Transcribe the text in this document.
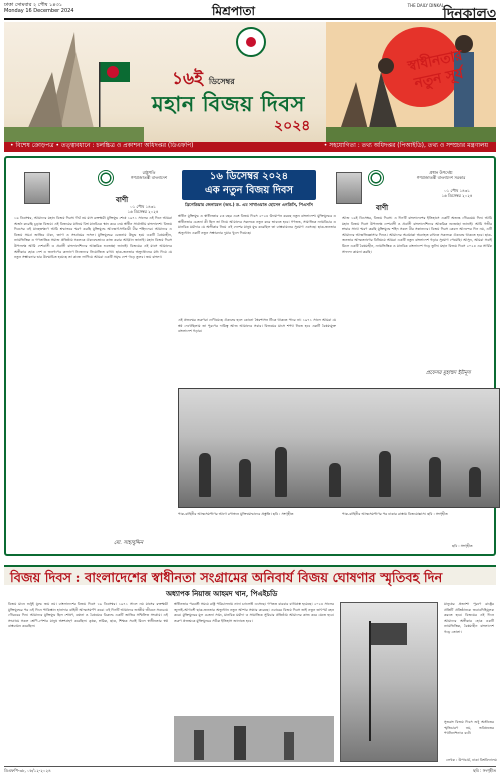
ঢাকা সোমবার ২ পৌষ ১৪৩১
Monday 16 December 2024	মিশ্রপাতা	THE DAILY DINKAL
দিনকাল৩
১৬ই ডিসেম্বর
মহান বিজয় দিবস
২০২৪
স্বাধীনতার নতুন সূর্য
• বিশেষ ক্রোড়পত্র • তত্ত্বাবধানে : চলচ্চিত্র ও প্রকাশনা অধিদপ্তর (ডিএফপি)	• সহযোগিতা : তথ্য অধিদপ্তর (পিআইডি), তথ্য ও সম্প্রচার মন্ত্রণালয়
রাষ্ট্রপতি
গণপ্রজাতন্ত্রী বাংলাদেশ
বাণী
০১ পৌষ ১৪৩১
১৬ ডিসেম্বর ২০২৪
১৬ ডিসেম্বর, আমাদের মহান বিজয় দিবস। দীর্ঘ নয় মাস রক্তক্ষয়ী মুক্তিযুদ্ধ শেষে ১৯৭১ সালের এই দিনে আমরা অর্জন করেছি চূড়ান্ত বিজয়। এই বিজয়ের মাধ্যমে বিশ্ব মানচিত্রে স্থান করে নেয় স্বাধীন সার্বভৌম বাংলাদেশ। বিজয় দিবসের এই মাহেন্দ্রক্ষণে আমি শ্রদ্ধাভরে স্মরণ করছি মুক্তিযুদ্ধে আত্মোৎসর্গকারী বীর শহিদদের। আমাদের এ বিজয় সমগ্র জাতির ঐক্য, ত্যাগ ও সংগ্রামের ফসল। মুক্তিযুদ্ধের চেতনায় উদ্বুদ্ধ হয়ে একটি বৈষম্যহীন, ন্যায়ভিত্তিক ও গণতান্ত্রিক সমাজ প্রতিষ্ঠায় সকলকে ঐক্যবদ্ধভাবে কাজ করার আহ্বান জানাই। মহান বিজয় দিবস উপলক্ষে আমি দেশবাসী ও প্রবাসী বাংলাদেশিদের আন্তরিক শুভেচ্ছা জানাই। বিজয়ের এই মাসে আমাদের অঙ্গীকার হোক দেশ ও জনগণের কল্যাণে নিজেদের নিয়োজিত রাখা। ছাত্র-জনতার অভ্যুত্থানের মধ্য দিয়ে যে নতুন সম্ভাবনার দ্বার উন্মোচিত হয়েছে তা কাজে লাগিয়ে আমরা একটি সমৃদ্ধ দেশ গড়ে তুলব। জয় বাংলা।
মো. সাহাবুদ্দিন
১৬ ডিসেম্বর ২০২৪
এক নতুন বিজয় দিবস
ব্রিগেডিয়ার জেনারেল (অব.) ড. এম সাখাওয়াত হোসেন এনডিসি, পিএসসি
স্বাধীন মুক্তিযুদ্ধ ও স্বাধীনতার ৫৩ বছর এবং বিজয় দিবস ২০২৪ উদযাপন করছে নতুন বাংলাদেশ। মুক্তিযুদ্ধের ও স্বাধীনতার চেতনা কী ছিল তা নিয়ে আমাদের সকলকে নতুন করে ভাবতে হবে। গণতন্ত্র, সামাজিক ন্যায়বিচার ও মানবিক মর্যাদার যে অঙ্গীকার নিয়ে এই দেশের মানুষ যুদ্ধ করেছিল তা বাস্তবায়নের সুযোগ এসেছে। ছাত্র-জনতার অভ্যুত্থান একটি নতুন সম্ভাবনার দুয়ার খুলে দিয়েছে।
এই প্রজন্মের তরুণরা দেখিয়েছে ঐক্যবদ্ধ হলে কোনো স্বৈরশাসন টিকে থাকতে পারে না। ১৯৭১ সালে আমরা যে স্বপ্ন দেখেছিলাম তা পূরণের দায়িত্ব আজ আমাদের সবার। বিজয়ের মাসে শপথ নিতে হবে একটি বৈষম্যমুক্ত বাংলাদেশ গড়ার।
প্রধান উপদেষ্টা
গণপ্রজাতন্ত্রী বাংলাদেশ সরকার
০১ পৌষ ১৪৩১
১৬ ডিসেম্বর ২০২৪
বাণী
আজ ১৬ই ডিসেম্বর, বিজয় দিবস। এ দিনটি বাংলাদেশের ইতিহাসে একটি অত্যন্ত গৌরবময় দিন। আমি মহান বিজয় দিবস উপলক্ষে দেশবাসী ও প্রবাসী বাংলাদেশিদের আন্তরিক শুভেচ্ছা জানাই। আমি গভীর শ্রদ্ধার সাথে স্মরণ করছি মুক্তিযুদ্ধে শহিদ সকল বীর সন্তানদের। বিজয় দিবস কেবল আনন্দের দিন নয়, এটি আমাদের আত্মজিজ্ঞাসার দিনও। আমাদের অগ্রযাত্রা অব্যাহত রাখতে সকলকে ঐক্যবদ্ধ থাকতে হবে। ছাত্র-জনতার আত্মত্যাগের বিনিময়ে আমরা একটি নতুন বাংলাদেশ গড়ার সুযোগ পেয়েছি। আসুন, আমরা সবাই মিলে একটি বৈষম্যহীন, ন্যায়ভিত্তিক ও মানবিক বাংলাদেশ গড়ে তুলি। মহান বিজয় দিবস ২০২৪ এর সার্বিক সাফল্য কামনা করছি।
প্রফেসর মুহাম্মদ ইউনূস
পাক-বাহিনীর আত্মসমর্পণের আগে রণাঙ্গনে মুক্তিযোদ্ধাদের প্রস্তুতি। ছবি : সংগৃহীত	পাক-বাহিনীর আত্মসমর্পণের পর ঢাকার রাস্তায় বিজয়োল্লাস। ছবি : সংগৃহীত
ছবি : সংগৃহীত
বিজয় দিবস : বাংলাদেশের স্বাধীনতা সংগ্রামের অনিবার্য বিজয় ঘোষণার স্মৃতিবহ দিন
অধ্যাপক নিয়াজ আহমদ খান, পিএইচডি
বিজয় মানে শুধুই যুদ্ধে জয় নয়। বাংলাদেশের বিজয় দিবস ১৬ ডিসেম্বর। ১৯৭১ সালে নয় মাসের রক্তক্ষয়ী মুক্তিযুদ্ধের পর এই দিনে পাকিস্তান হানাদার বাহিনী আত্মসমর্পণ করে। এই দিনটি আমাদের জাতীয় জীবনে সবচেয়ে গৌরবের দিন। আমাদের মুক্তিযুদ্ধ ছিল শোষণ, বঞ্চনা ও বৈষম্যের বিরুদ্ধে একটি জাতির সম্মিলিত সংগ্রাম। এই সংগ্রামে সকল শ্রেণি-পেশার মানুষ অংশগ্রহণ করেছিল। কৃষক, শ্রমিক, ছাত্র, শিক্ষক সবাই মিলে স্বাধীনতার স্বপ্ন বাস্তবায়ন করেছিল।
স্বাধীনতার পরবর্তী সময়ে রাষ্ট্র পরিচালনায় নানা চ্যালেঞ্জ এসেছে। গণতন্ত্র বারবার বাধাগ্রস্ত হয়েছে। ২০২৪ সালের জুলাই-আগস্টে ছাত্র-জনতার অভ্যুত্থান নতুন আশার সঞ্চার করেছে। এবারের বিজয় দিবস তাই নতুন তাৎপর্য বহন করে। মুক্তিযুদ্ধের মূল চেতনা সাম্য, মানবিক মর্যাদা ও সামাজিক সুবিচার প্রতিষ্ঠায় আমাদের কাজ করে যেতে হবে। তরুণ প্রজন্মকে মুক্তিযুদ্ধের সঠিক ইতিহাস জানাতে হবে।
মানুষের প্রত্যাশা পূরণে রাষ্ট্রের প্রতিটি প্রতিষ্ঠানকে জবাবদিহিমূলক করতে হবে। বিজয়ের এই দিনে আমাদের অঙ্গীকার হোক একটি ন্যায়ভিত্তিক, বৈষম্যহীন বাংলাদেশ গড়ে তোলা।
সুতরাং বিজয় দিবস শুধু অতীতের স্মৃতিচারণ নয়, ভবিষ্যতের পথনির্দেশনাও বটে।
লেখক : উপাচার্য, ঢাকা বিশ্ববিদ্যালয়
ডিএফপি-৩৮, ০৮/১২-২০২৪	ছবি : সংগৃহীত
